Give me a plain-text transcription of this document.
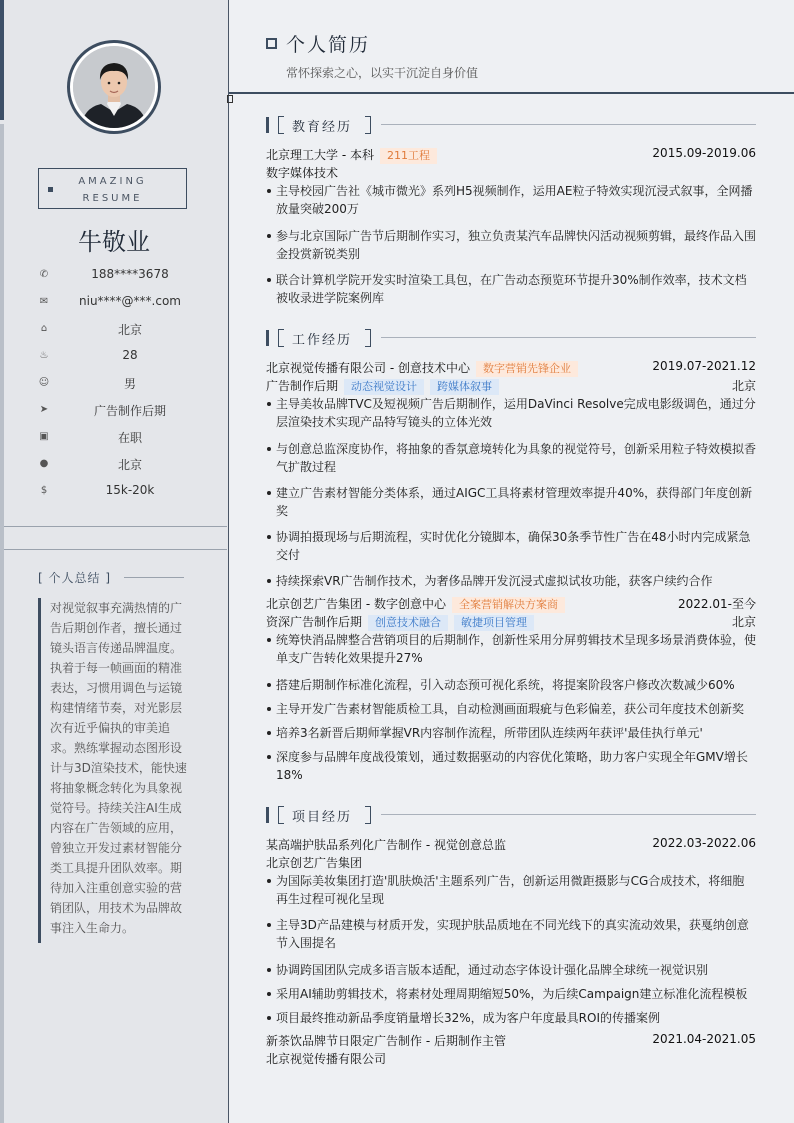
AMAZING
RESUME
牛敬业
✆	188****3678
✉	niu****@***.com
⌂	北京
♨	28
☺	男
➤	广告制作后期
▣	在职
●	北京
$	15k-20k
[ 个人总结 ]
对视觉叙事充满热情的广告后期创作者，擅长通过镜头语言传递品牌温度。执着于每一帧画面的精准表达，习惯用调色与运镜构建情绪节奏，对光影层次有近乎偏执的审美追求。熟练掌握动态图形设计与3D渲染技术，能快速将抽象概念转化为具象视觉符号。持续关注AI生成内容在广告领域的应用，曾独立开发过素材智能分类工具提升团队效率。期待加入注重创意实验的营销团队，用技术为品牌故事注入生命力。
个人简历
常怀探索之心，以实干沉淀自身价值
教育经历
北京理工大学 - 本科 211工程	2015.09-2019.06
数字媒体技术
主导校园广告社《城市微光》系列H5视频制作，运用AE粒子特效实现沉浸式叙事，全网播放量突破200万
参与北京国际广告节后期制作实习，独立负责某汽车品牌快闪活动视频剪辑，最终作品入围金投赏新锐类别
联合计算机学院开发实时渲染工具包，在广告动态预览环节提升30%制作效率，技术文档被收录进学院案例库
工作经历
北京视觉传播有限公司 - 创意技术中心 数字营销先锋企业	2019.07-2021.12
广告制作后期 动态视觉设计 跨媒体叙事	北京
主导美妆品牌TVC及短视频广告后期制作，运用DaVinci Resolve完成电影级调色，通过分层渲染技术实现产品特写镜头的立体光效
与创意总监深度协作，将抽象的香氛意境转化为具象的视觉符号，创新采用粒子特效模拟香气扩散过程
建立广告素材智能分类体系，通过AIGC工具将素材管理效率提升40%，获得部门年度创新奖
协调拍摄现场与后期流程，实时优化分镜脚本，确保30条季节性广告在48小时内完成紧急交付
持续探索VR广告制作技术，为奢侈品牌开发沉浸式虚拟试妆功能，获客户续约合作
北京创艺广告集团 - 数字创意中心 全案营销解决方案商	2022.01-至今
资深广告制作后期 创意技术融合 敏捷项目管理	北京
统筹快消品牌整合营销项目的后期制作，创新性采用分屏剪辑技术呈现多场景消费体验，使单支广告转化效果提升27%
搭建后期制作标准化流程，引入动态预可视化系统，将提案阶段客户修改次数减少60%
主导开发广告素材智能质检工具，自动检测画面瑕疵与色彩偏差，获公司年度技术创新奖
培养3名新晋后期师掌握VR内容制作流程，所带团队连续两年获评'最佳执行单元'
深度参与品牌年度战役策划，通过数据驱动的内容优化策略，助力客户实现全年GMV增长18%
项目经历
某高端护肤品系列化广告制作 - 视觉创意总监	2022.03-2022.06
北京创艺广告集团
为国际美妆集团打造'肌肤焕活'主题系列广告，创新运用微距摄影与CG合成技术，将细胞再生过程可视化呈现
主导3D产品建模与材质开发，实现护肤品质地在不同光线下的真实流动效果，获戛纳创意节入围提名
协调跨国团队完成多语言版本适配，通过动态字体设计强化品牌全球统一视觉识别
采用AI辅助剪辑技术，将素材处理周期缩短50%，为后续Campaign建立标准化流程模板
项目最终推动新品季度销量增长32%，成为客户年度最具ROI的传播案例
新茶饮品牌节日限定广告制作 - 后期制作主管	2021.04-2021.05
北京视觉传播有限公司
